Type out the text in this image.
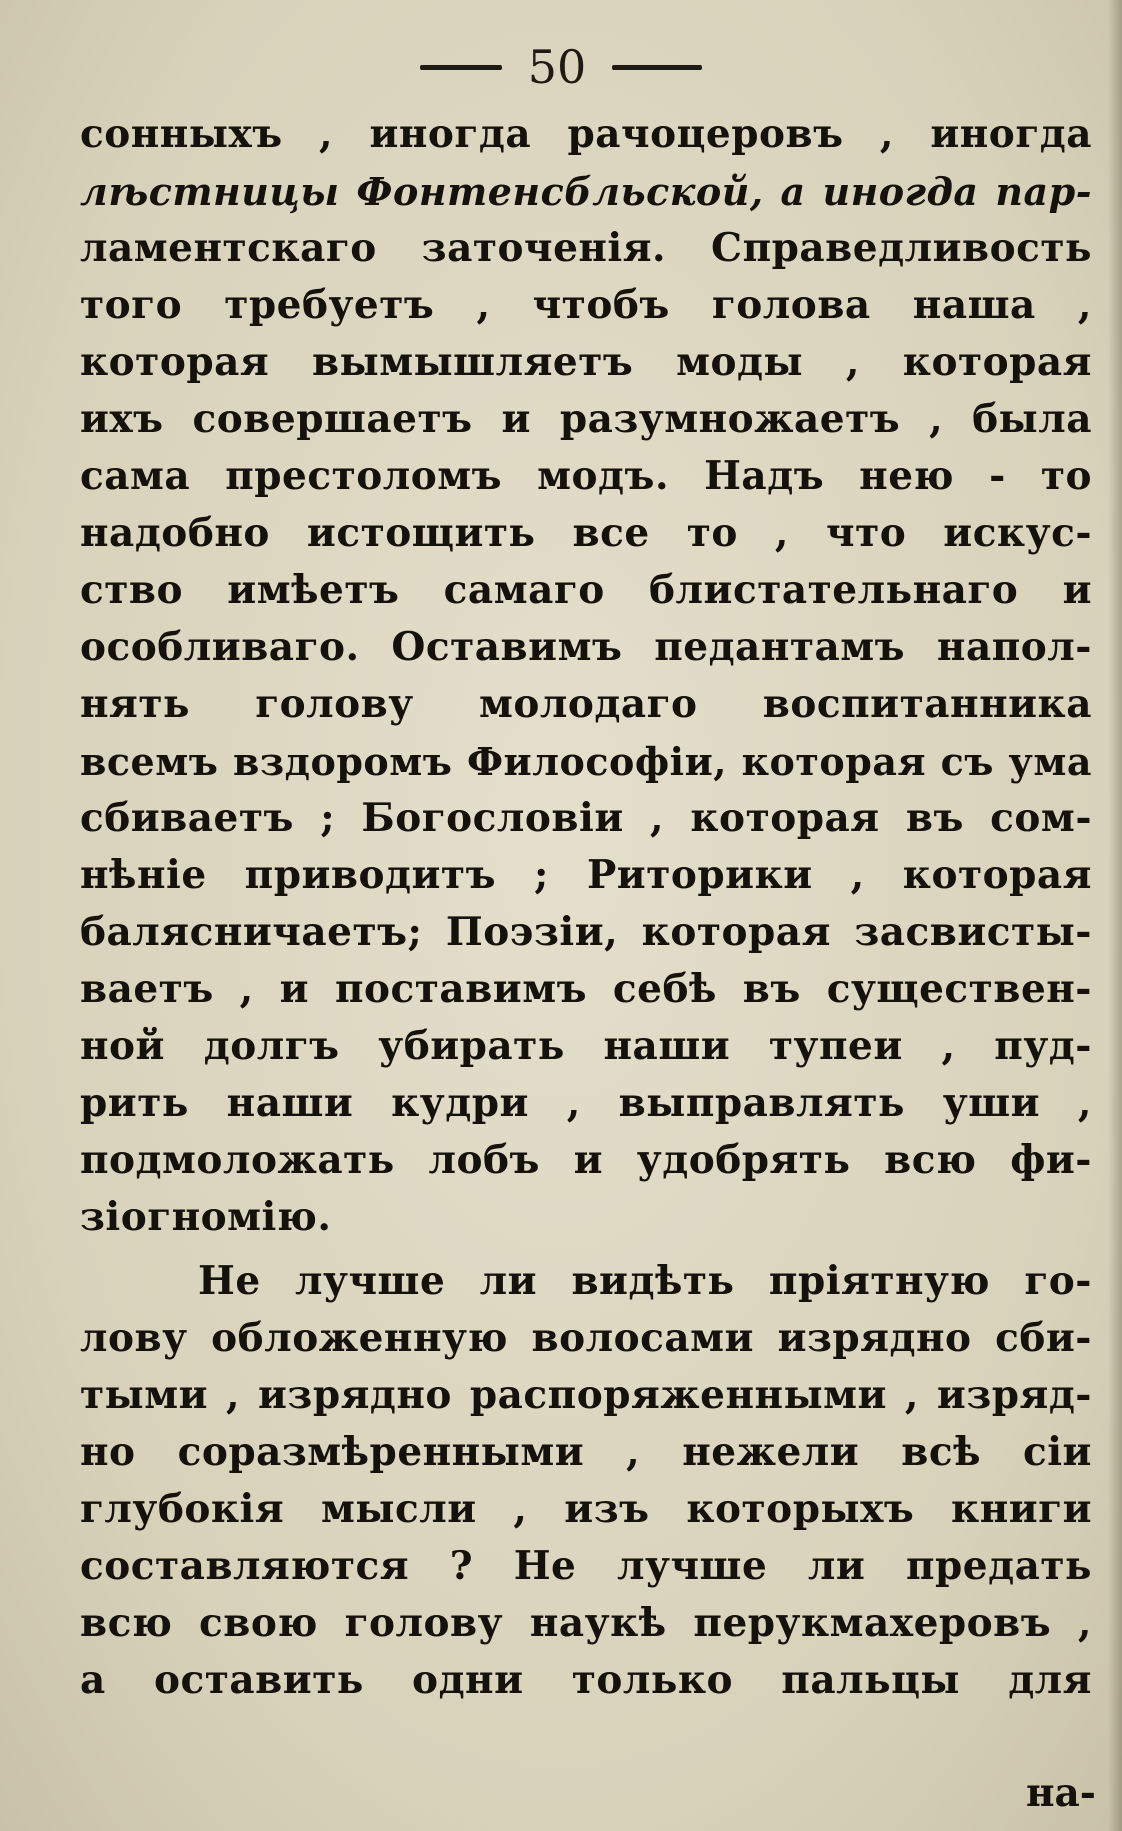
50
сонныхъ , иногда рачоцеровъ , иногда
лѣстницы Фонтенсбльской, а иногда пар-
ламентскаго заточенія. Справедливость
того требуетъ , чтобъ голова наша ,
которая вымышляетъ моды , которая
ихъ совершаетъ и разумножаетъ , была
сама престоломъ модъ. Надъ нею - то
надобно истощить все то , что искус-
ство имѣетъ самаго блистательнаго и
особливаго. Оставимъ педантамъ напол-
нять голову молодаго воспитанника
всемъ вздоромъ Философіи, которая съ ума
сбиваетъ ; Богословіи , которая въ сом-
нѣніе приводитъ ; Риторики , которая
балясничаетъ; Поэзіи, которая засвисты-
ваетъ , и поставимъ себѣ въ существен-
ной долгъ убирать наши тупеи , пуд-
рить наши кудри , выправлять уши ,
подмоложать лобъ и удобрять всю фи-
зіогномію.
Не лучше ли видѣть пріятную го-
лову обложенную волосами изрядно сби-
тыми , изрядно распоряженными , изряд-
но соразмѣренными , нежели всѣ сіи
глубокія мысли , изъ которыхъ книги
составляются ? Не лучше ли предать
всю свою голову наукѣ перукмахеровъ ,
а оставить одни только пальцы для
на-
